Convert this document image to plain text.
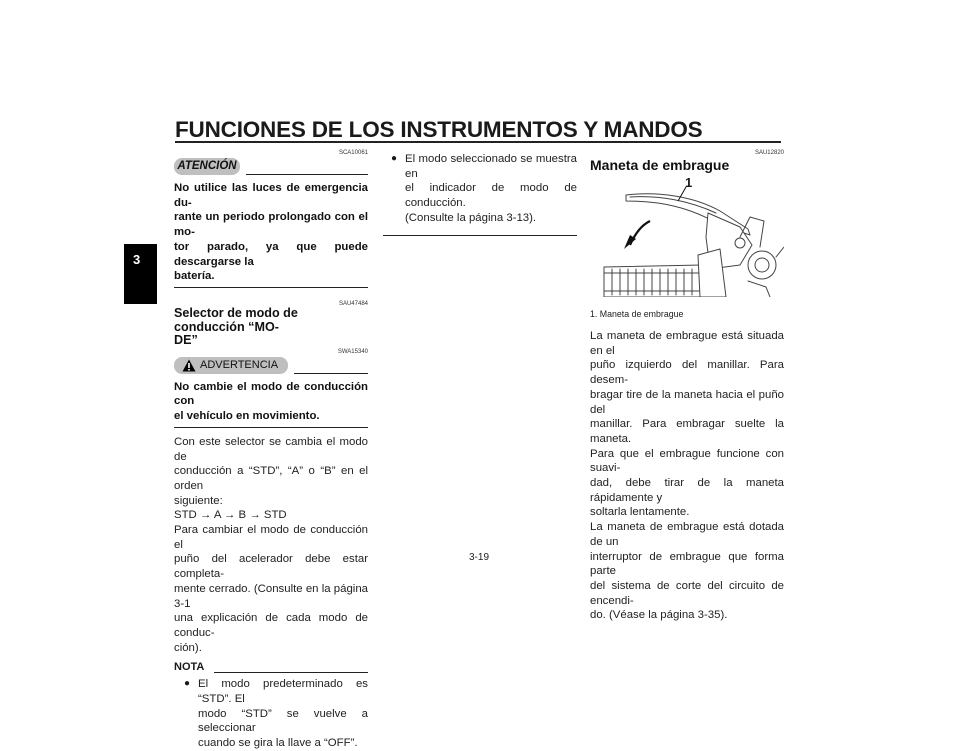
FUNCIONES DE LOS INSTRUMENTOS Y MANDOS
3
SCA10061
ATENCIÓN
No utilice las luces de emergencia du-
rante un periodo prolongado con el mo-
tor parado, ya que puede descargarse la
batería.
SAU47484
Selector de modo de conducción “MO-
DE”
SWA15340
ADVERTENCIA
No cambie el modo de conducción con
el vehículo en movimiento.
Con este selector se cambia el modo de
conducción a “STD”, “A” o “B” en el orden
siguiente:
STD → A → B → STD
Para cambiar el modo de conducción el
puño del acelerador debe estar completa-
mente cerrado. (Consulte en la página 3-1
una explicación de cada modo de conduc-
ción).
NOTA
● El modo predeterminado es “STD”. El
modo “STD” se vuelve a seleccionar
cuando se gira la llave a “OFF”.
● El modo seleccionado se muestra en
el indicador de modo de conducción.
(Consulte la página 3-13).
SAU12820
Maneta de embrague
1
1. Maneta de embrague
La maneta de embrague está situada en el
puño izquierdo del manillar. Para desem-
bragar tire de la maneta hacia el puño del
manillar. Para embragar suelte la maneta.
Para que el embrague funcione con suavi-
dad, debe tirar de la maneta rápidamente y
soltarla lentamente.
La maneta de embrague está dotada de un
interruptor de embrague que forma parte
del sistema de corte del circuito de encendi-
do. (Véase la página 3-35).
3-19
